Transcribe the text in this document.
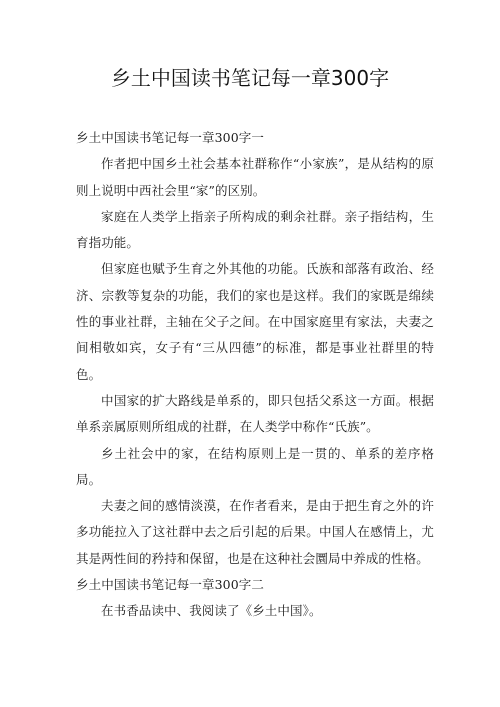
乡土中国读书笔记每一章300字

乡土中国读书笔记每一章300字一

作者把中国乡土社会基本社群称作“小家族”，是从结构的原则上说明中西社会里“家”的区别。

家庭在人类学上指亲子所构成的剩余社群。亲子指结构，生育指功能。

但家庭也赋予生育之外其他的功能。氏族和部落有政治、经济、宗教等复杂的功能，我们的家也是这样。我们的家既是绵续性的事业社群，主轴在父子之间。在中国家庭里有家法，夫妻之间相敬如宾，女子有“三从四德”的标准，都是事业社群里的特色。

中国家的扩大路线是单系的，即只包括父系这一方面。根据单系亲属原则所组成的社群，在人类学中称作“氏族”。

乡土社会中的家，在结构原则上是一贯的、单系的差序格局。

夫妻之间的感情淡漠，在作者看来，是由于把生育之外的许多功能拉入了这社群中去之后引起的后果。中国人在感情上，尤其是两性间的矜持和保留，也是在这种社会圜局中养成的性格。

乡土中国读书笔记每一章300字二

在书香品读中、我阅读了《乡土中国》。
